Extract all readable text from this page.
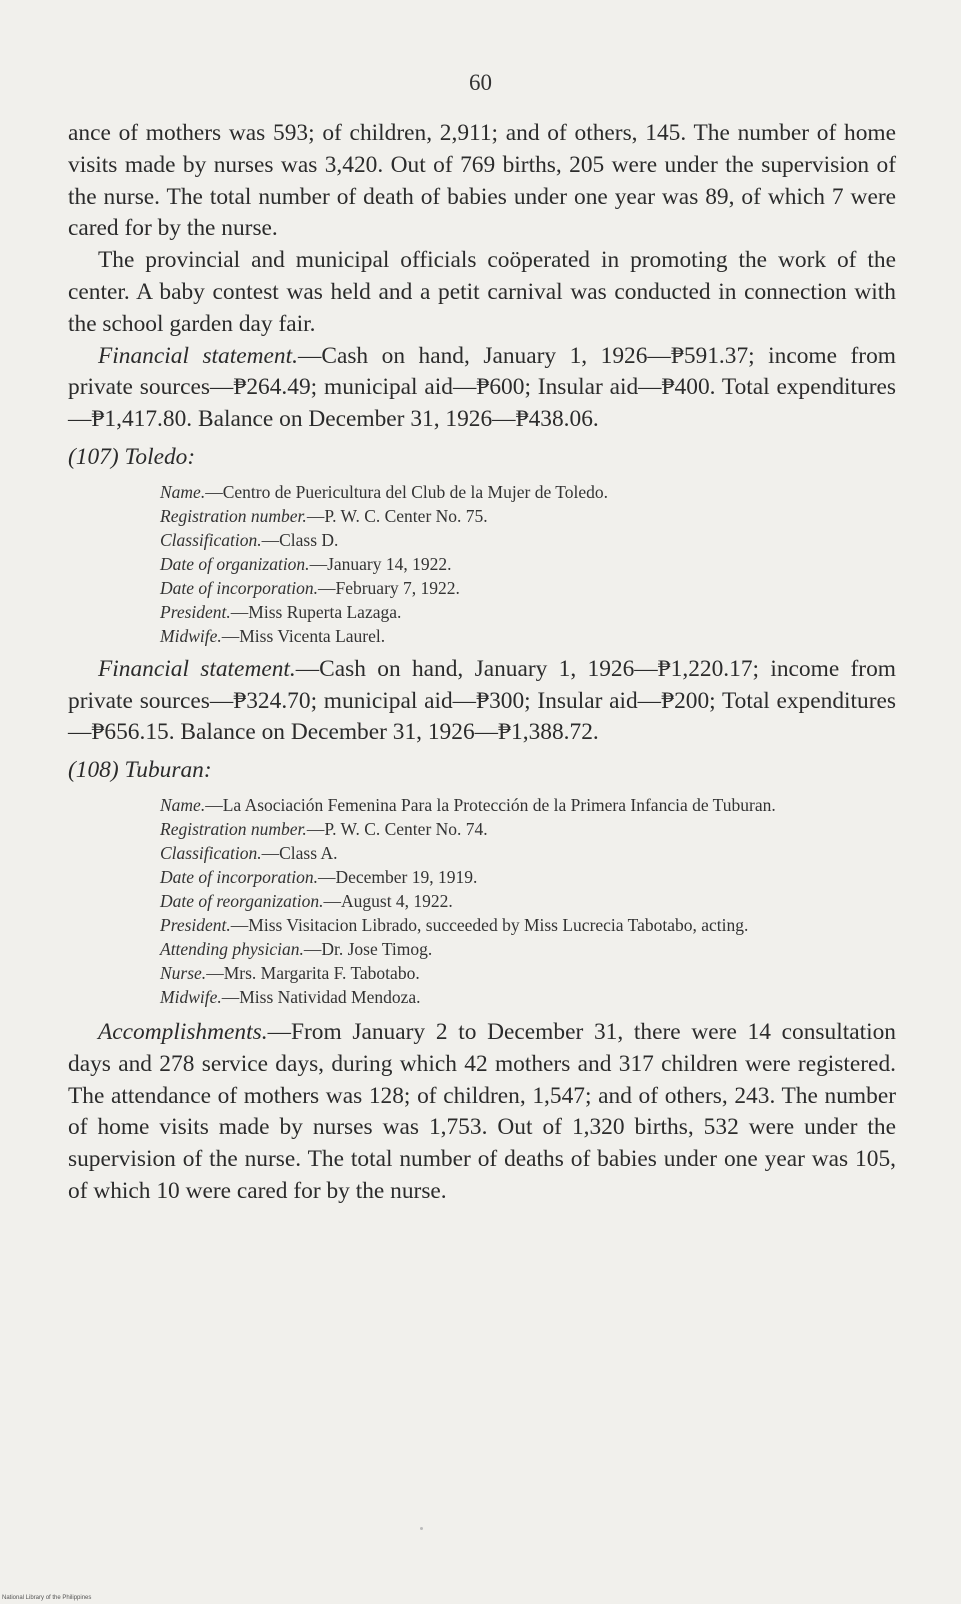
60

ance of mothers was 593; of children, 2,911; and of others, 145. The number of home visits made by nurses was 3,420. Out of 769 births, 205 were under the supervision of the nurse. The total number of death of babies under one year was 89, of which 7 were cared for by the nurse.

The provincial and municipal officials coöperated in promoting the work of the center. A baby contest was held and a petit carnival was conducted in connection with the school garden day fair.

Financial statement.—Cash on hand, January 1, 1926—₱591.37; income from private sources—₱264.49; municipal aid—₱600; Insular aid—₱400. Total expenditures—₱1,417.80. Balance on December 31, 1926—₱438.06.

(107) Toledo:

Name.—Centro de Puericultura del Club de la Mujer de Toledo.

Registration number.—P. W. C. Center No. 75.

Classification.—Class D.

Date of organization.—January 14, 1922.

Date of incorporation.—February 7, 1922.

President.—Miss Ruperta Lazaga.

Midwife.—Miss Vicenta Laurel.

Financial statement.—Cash on hand, January 1, 1926—₱1,220.17; income from private sources—₱324.70; municipal aid—₱300; Insular aid—₱200; Total expenditures—₱656.15. Balance on December 31, 1926—₱1,388.72.

(108) Tuburan:

Name.—La Asociación Femenina Para la Protección de la Primera Infancia de Tuburan.

Registration number.—P. W. C. Center No. 74.

Classification.—Class A.

Date of incorporation.—December 19, 1919.

Date of reorganization.—August 4, 1922.

President.—Miss Visitacion Librado, succeeded by Miss Lucrecia Tabotabo, acting.

Attending physician.—Dr. Jose Timog.

Nurse.—Mrs. Margarita F. Tabotabo.

Midwife.—Miss Natividad Mendoza.

Accomplishments.—From January 2 to December 31, there were 14 consultation days and 278 service days, during which 42 mothers and 317 children were registered. The attendance of mothers was 128; of children, 1,547; and of others, 243. The number of home visits made by nurses was 1,753. Out of 1,320 births, 532 were under the supervision of the nurse. The total number of deaths of babies under one year was 105, of which 10 were cared for by the nurse.

National Library of the Philippines
